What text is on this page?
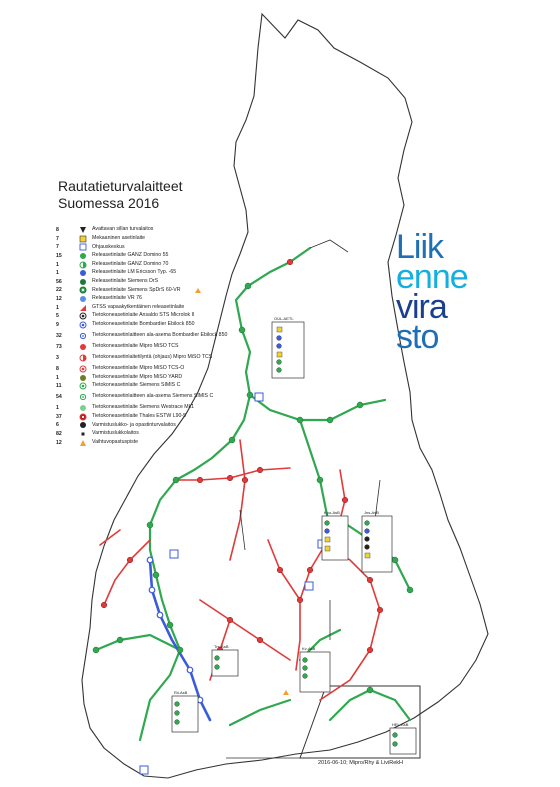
OUL-AETL
Kpo-AsB	Jns-AsB
Tre-AsB	Kv-AsB
Rii-AsB
HEL-AsB
Rautatieturvalaitteet
Suomessa 2016
8	Avattavan sillan turvalaitos
7	Mekaaninen asetinlaite
7	Ohjauskeskus
15	Releasetinlaite GANZ Domino 55
1	Releasetinlaite GANZ Domino 70
1	Releasetinlaite LM Ericsson Typ. -65
56	Releasetinlaite Siemens DrS
22	Releasetinlaite Siemens SpDrS 60-VR
12	Releasetinlaite VR 76
1	GTSS vapaakytkentäinen releasetinlaite
5	Tietokoneasetinlaite Ansaldo STS Microlok II
9	Tietokoneasetinlaite Bombardier Ebilock 850
32	Tietokoneasetinlaitteen ala-asema Bombardier Ebilock 850
73	Tietokoneasetinlaite Mipro MiSO TCS
3	Tietokoneasetinlaitetilyntä (ohjaus) Mipro MiSO TCS
8	Tietokoneasetinlaite Mipro MiSO TCS-O
1	Tietokoneasetinlaite Mipro MiSO YARD
11	Tietokoneasetinlaite Siemens SIMIS C
54	Tietokoneasetinlaitteen ala-asema Siemens SIMIS C
1	Tietokoneasetinlaite Siemens Westrace Mk1
37	Tietokoneasetinlaite Thales ESTW L90-5
6	Varmistuslukko- ja opastinturvalaitos
82	Varmistuslukkolaitos
12	Vaihtuvopastuspiste
Liik
enne
vira
sto
2016-06-10; Mipro/Rhy & LiviRekH
